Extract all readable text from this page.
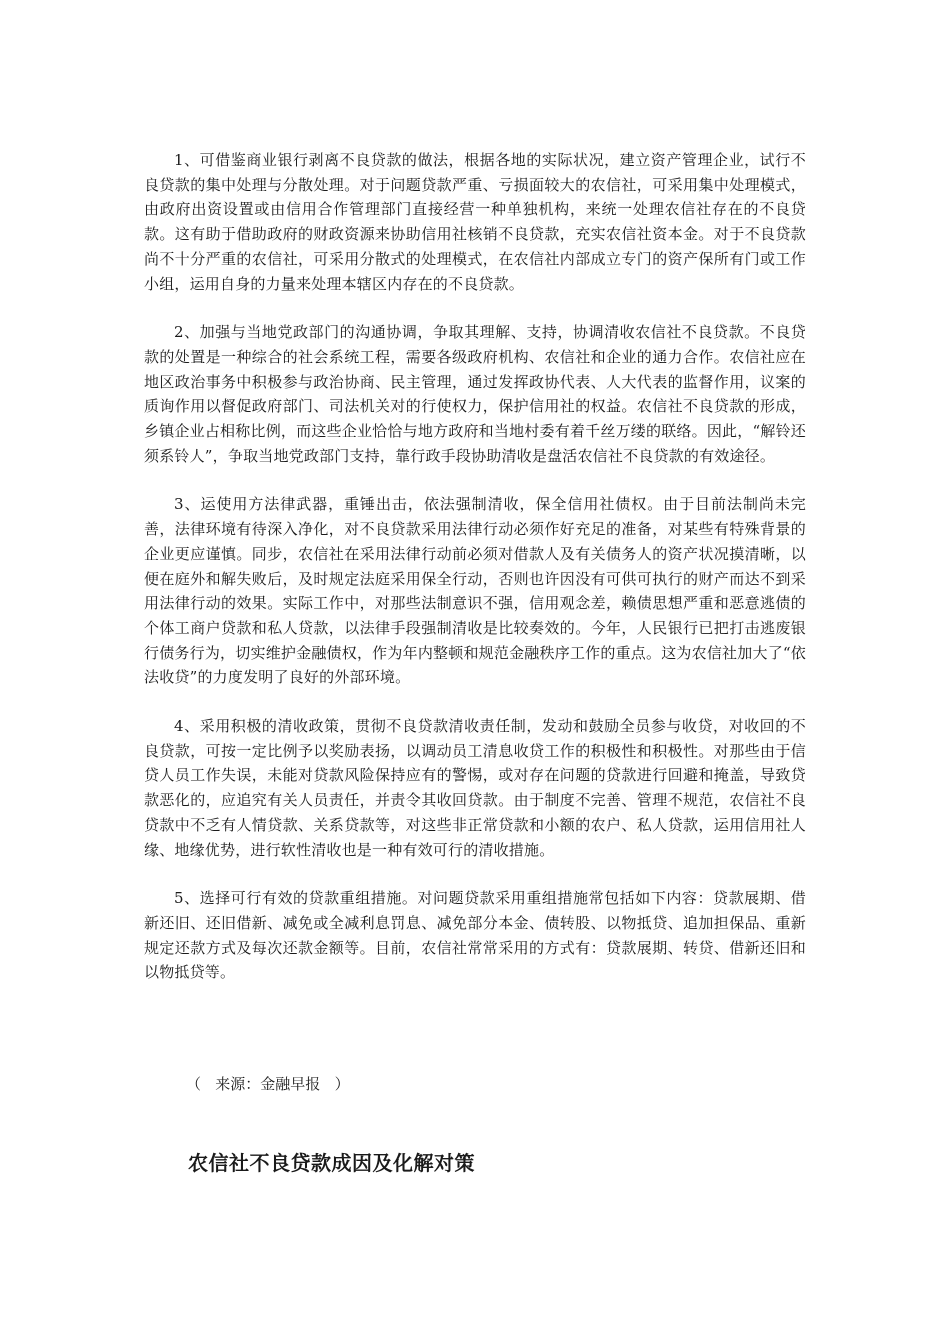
1、可借鉴商业银行剥离不良贷款的做法，根据各地的实际状况，建立资产管理企业，试行不良贷款的集中处理与分散处理。对于问题贷款严重、亏损面较大的农信社，可采用集中处理模式，由政府出资设置或由信用合作管理部门直接经营一种单独机构，来统一处理农信社存在的不良贷款。这有助于借助政府的财政资源来协助信用社核销不良贷款，充实农信社资本金。对于不良贷款尚不十分严重的农信社，可采用分散式的处理模式，在农信社内部成立专门的资产保所有门或工作小组，运用自身的力量来处理本辖区内存在的不良贷款。

2、加强与当地党政部门的沟通协调，争取其理解、支持，协调清收农信社不良贷款。不良贷款的处置是一种综合的社会系统工程，需要各级政府机构、农信社和企业的通力合作。农信社应在地区政治事务中积极参与政治协商、民主管理，通过发挥政协代表、人大代表的监督作用，议案的质询作用以督促政府部门、司法机关对的行使权力，保护信用社的权益。农信社不良贷款的形成，乡镇企业占相称比例，而这些企业恰恰与地方政府和当地村委有着千丝万缕的联络。因此，“解铃还须系铃人”，争取当地党政部门支持，靠行政手段协助清收是盘活农信社不良贷款的有效途径。

3、运使用方法律武器，重锤出击，依法强制清收，保全信用社债权。由于目前法制尚未完善，法律环境有待深入净化，对不良贷款采用法律行动必须作好充足的准备，对某些有特殊背景的企业更应谨慎。同步，农信社在采用法律行动前必须对借款人及有关债务人的资产状况摸清晰，以便在庭外和解失败后，及时规定法庭采用保全行动，否则也许因没有可供可执行的财产而达不到采用法律行动的效果。实际工作中，对那些法制意识不强，信用观念差，赖债思想严重和恶意逃债的个体工商户贷款和私人贷款，以法律手段强制清收是比较奏效的。今年，人民银行已把打击逃废银行债务行为，切实维护金融债权，作为年内整顿和规范金融秩序工作的重点。这为农信社加大了“依法收贷”的力度发明了良好的外部环境。

4、采用积极的清收政策，贯彻不良贷款清收责任制，发动和鼓励全员参与收贷，对收回的不良贷款，可按一定比例予以奖励表扬，以调动员工清息收贷工作的积极性和积极性。对那些由于信贷人员工作失误，未能对贷款风险保持应有的警惕，或对存在问题的贷款进行回避和掩盖，导致贷款恶化的，应追究有关人员责任，并责令其收回贷款。由于制度不完善、管理不规范，农信社不良贷款中不乏有人情贷款、关系贷款等，对这些非正常贷款和小额的农户、私人贷款，运用信用社人缘、地缘优势，进行软性清收也是一种有效可行的清收措施。

5、选择可行有效的贷款重组措施。对问题贷款采用重组措施常包括如下内容：贷款展期、借新还旧、还旧借新、减免或全减利息罚息、减免部分本金、债转股、以物抵贷、追加担保品、重新规定还款方式及每次还款金额等。目前，农信社常常采用的方式有：贷款展期、转贷、借新还旧和以物抵贷等。

（   来源：金融早报   ）

农信社不良贷款成因及化解对策
